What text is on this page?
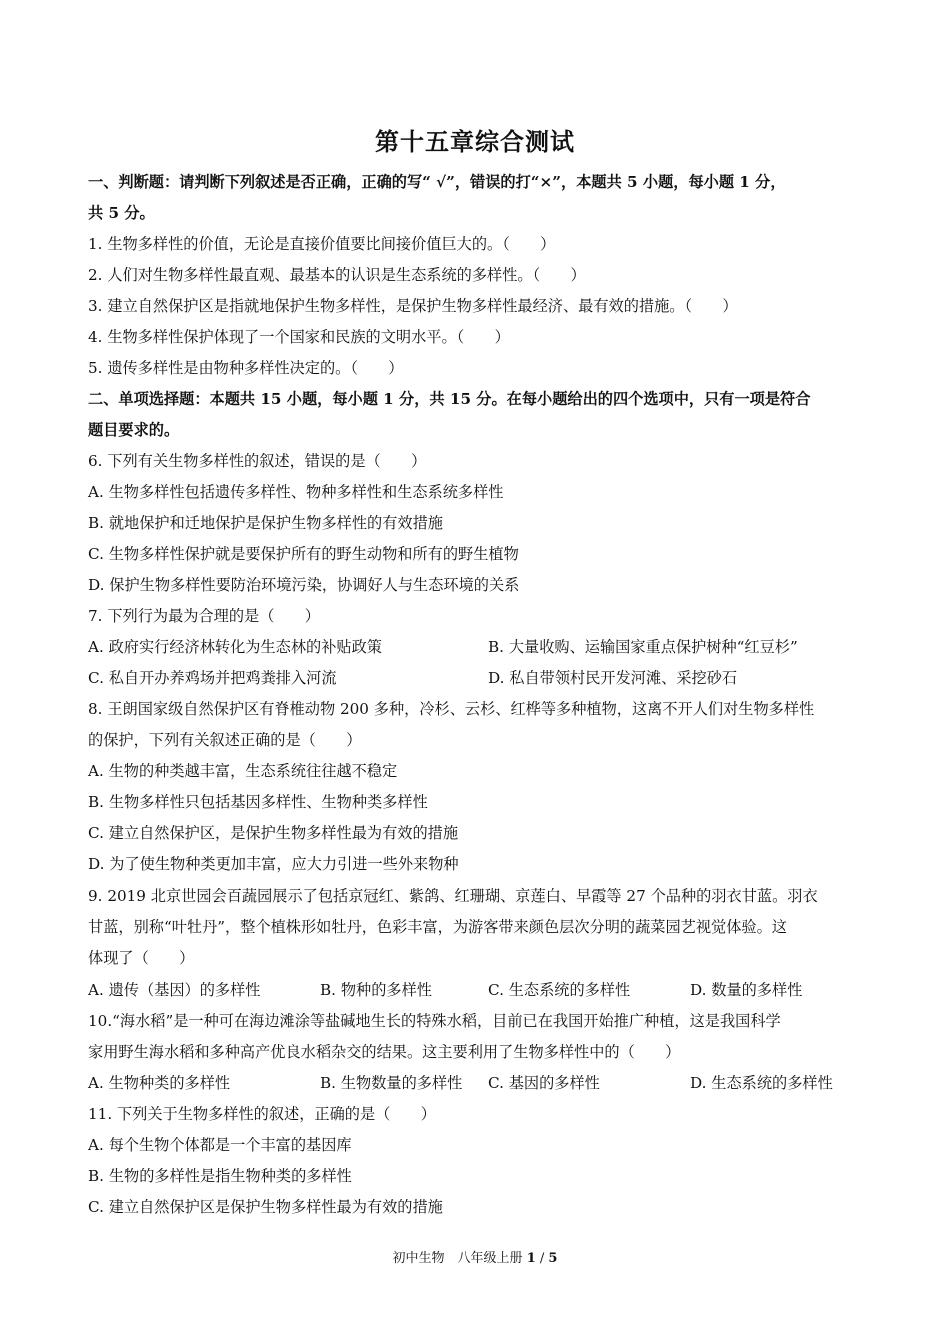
第十五章综合测试
一、判断题：请判断下列叙述是否正确，正确的写“ √”，错误的打“×”，本题共 5 小题，每小题 1 分，
共 5 分。
1. 生物多样性的价值，无论是直接价值要比间接价值巨大的。（　　）
2. 人们对生物多样性最直观、最基本的认识是生态系统的多样性。（　　）
3. 建立自然保护区是指就地保护生物多样性，是保护生物多样性最经济、最有效的措施。（　　）
4. 生物多样性保护体现了一个国家和民族的文明水平。（　　）
5. 遗传多样性是由物种多样性决定的。（　　）
二、单项选择题：本题共 15 小题，每小题 1 分，共 15 分。在每小题给出的四个选项中，只有一项是符合
题目要求的。
6. 下列有关生物多样性的叙述，错误的是（　　）
A. 生物多样性包括遗传多样性、物种多样性和生态系统多样性
B. 就地保护和迁地保护是保护生物多样性的有效措施
C. 生物多样性保护就是要保护所有的野生动物和所有的野生植物
D. 保护生物多样性要防治环境污染，协调好人与生态环境的关系
7. 下列行为最为合理的是（　　）
A. 政府实行经济林转化为生态林的补贴政策	B. 大量收购、运输国家重点保护树种“红豆杉”
C. 私自开办养鸡场并把鸡粪排入河流	D. 私自带领村民开发河滩、采挖砂石
8. 王朗国家级自然保护区有脊椎动物 200 多种，冷杉、云杉、红桦等多种植物，这离不开人们对生物多样性
的保护，下列有关叙述正确的是（　　）
A. 生物的种类越丰富，生态系统往往越不稳定
B. 生物多样性只包括基因多样性、生物种类多样性
C. 建立自然保护区，是保护生物多样性最为有效的措施
D. 为了使生物种类更加丰富，应大力引进一些外来物种
9. 2019 北京世园会百蔬园展示了包括京冠红、紫鸽、红珊瑚、京莲白、早霞等 27 个品种的羽衣甘蓝。羽衣
甘蓝，别称“叶牡丹”，整个植株形如牡丹，色彩丰富，为游客带来颜色层次分明的蔬菜园艺视觉体验。这
体现了（　　）
A. 遗传（基因）的多样性	B. 物种的多样性	C. 生态系统的多样性	D. 数量的多样性
10.“海水稻”是一种可在海边滩涂等盐碱地生长的特殊水稻，目前已在我国开始推广种植，这是我国科学
家用野生海水稻和多种高产优良水稻杂交的结果。这主要利用了生物多样性中的（　　）
A. 生物种类的多样性	B. 生物数量的多样性 C. 基因的多样性	D. 生态系统的多样性
11. 下列关于生物多样性的叙述，正确的是（　　）
A. 每个生物个体都是一个丰富的基因库
B. 生物的多样性是指生物种类的多样性
C. 建立自然保护区是保护生物多样性最为有效的措施
初中生物　八年级上册 1 / 5
